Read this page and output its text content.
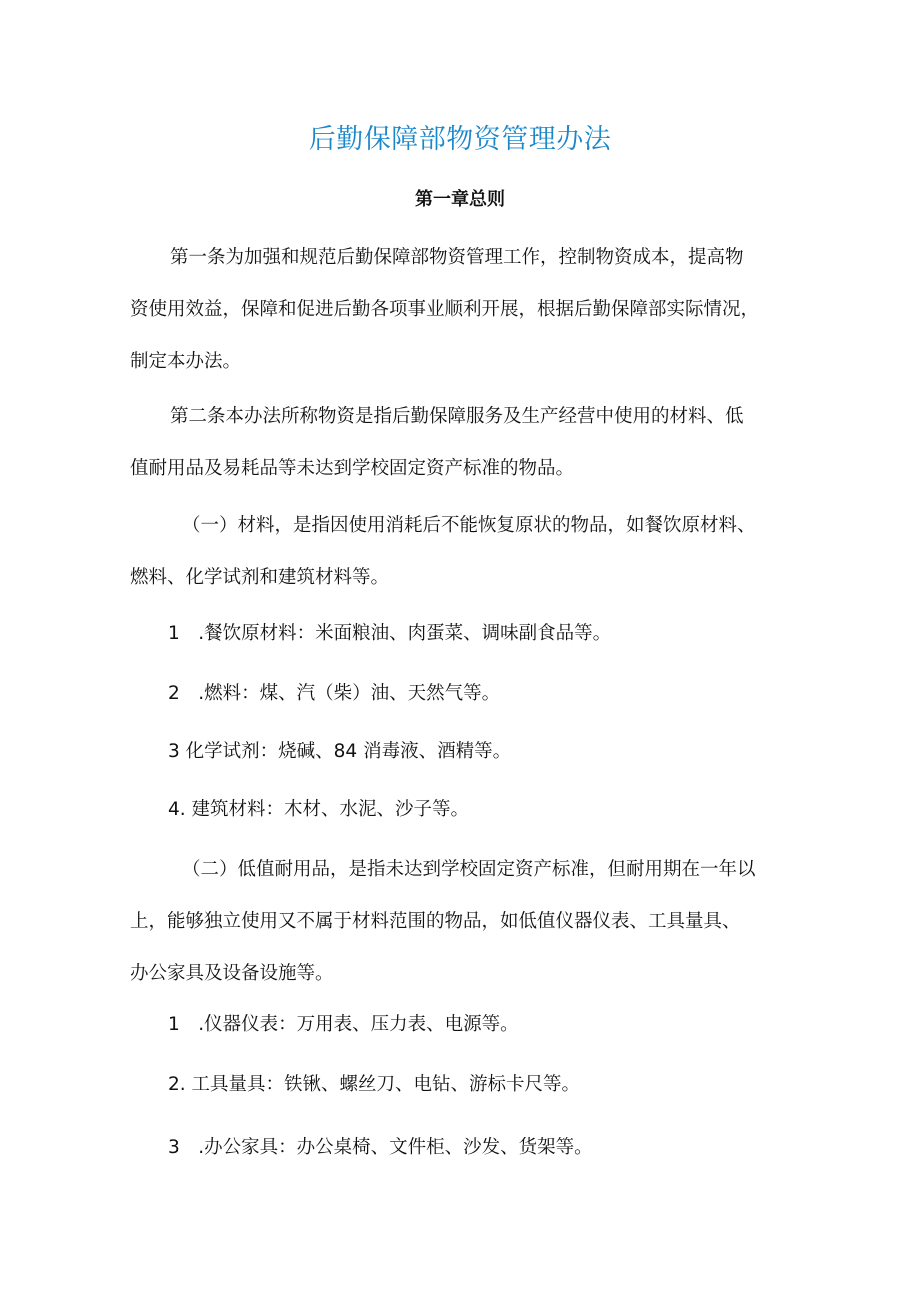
后勤保障部物资管理办法
第一章总则
第一条为加强和规范后勤保障部物资管理工作，控制物资成本，提高物
资使用效益，保障和促进后勤各项事业顺利开展，根据后勤保障部实际情况，
制定本办法。
第二条本办法所称物资是指后勤保障服务及生产经营中使用的材料、低
值耐用品及易耗品等未达到学校固定资产标准的物品。
（一）材料，是指因使用消耗后不能恢复原状的物品，如餐饮原材料、
燃料、化学试剂和建筑材料等。
1　.餐饮原材料：米面粮油、肉蛋菜、调味副食品等。
2　.燃料：煤、汽（柴）油、天然气等。
3 化学试剂：烧碱、84 消毒液、酒精等。
4. 建筑材料：木材、水泥、沙子等。
（二）低值耐用品，是指未达到学校固定资产标准，但耐用期在一年以
上，能够独立使用又不属于材料范围的物品，如低值仪器仪表、工具量具、
办公家具及设备设施等。
1　.仪器仪表：万用表、压力表、电源等。
2. 工具量具：铁锹、螺丝刀、电钻、游标卡尺等。
3　.办公家具：办公桌椅、文件柜、沙发、货架等。
